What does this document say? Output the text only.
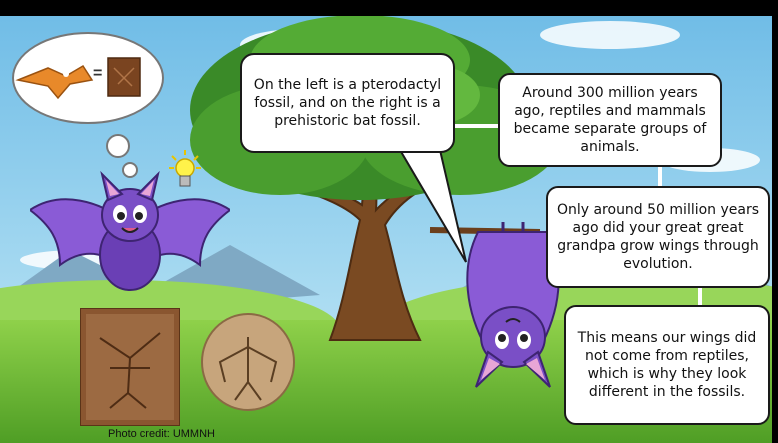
=
On the left is a pterodactyl fossil, and on the right is a prehistoric bat fossil.
Around 300 million years ago, reptiles and mammals became separate groups of animals.
Only around 50 million years ago did your great great grandpa grow wings through evolution.
This means our wings did not come from reptiles, which is why they look different in the fossils.
Photo credit: UMMNH
